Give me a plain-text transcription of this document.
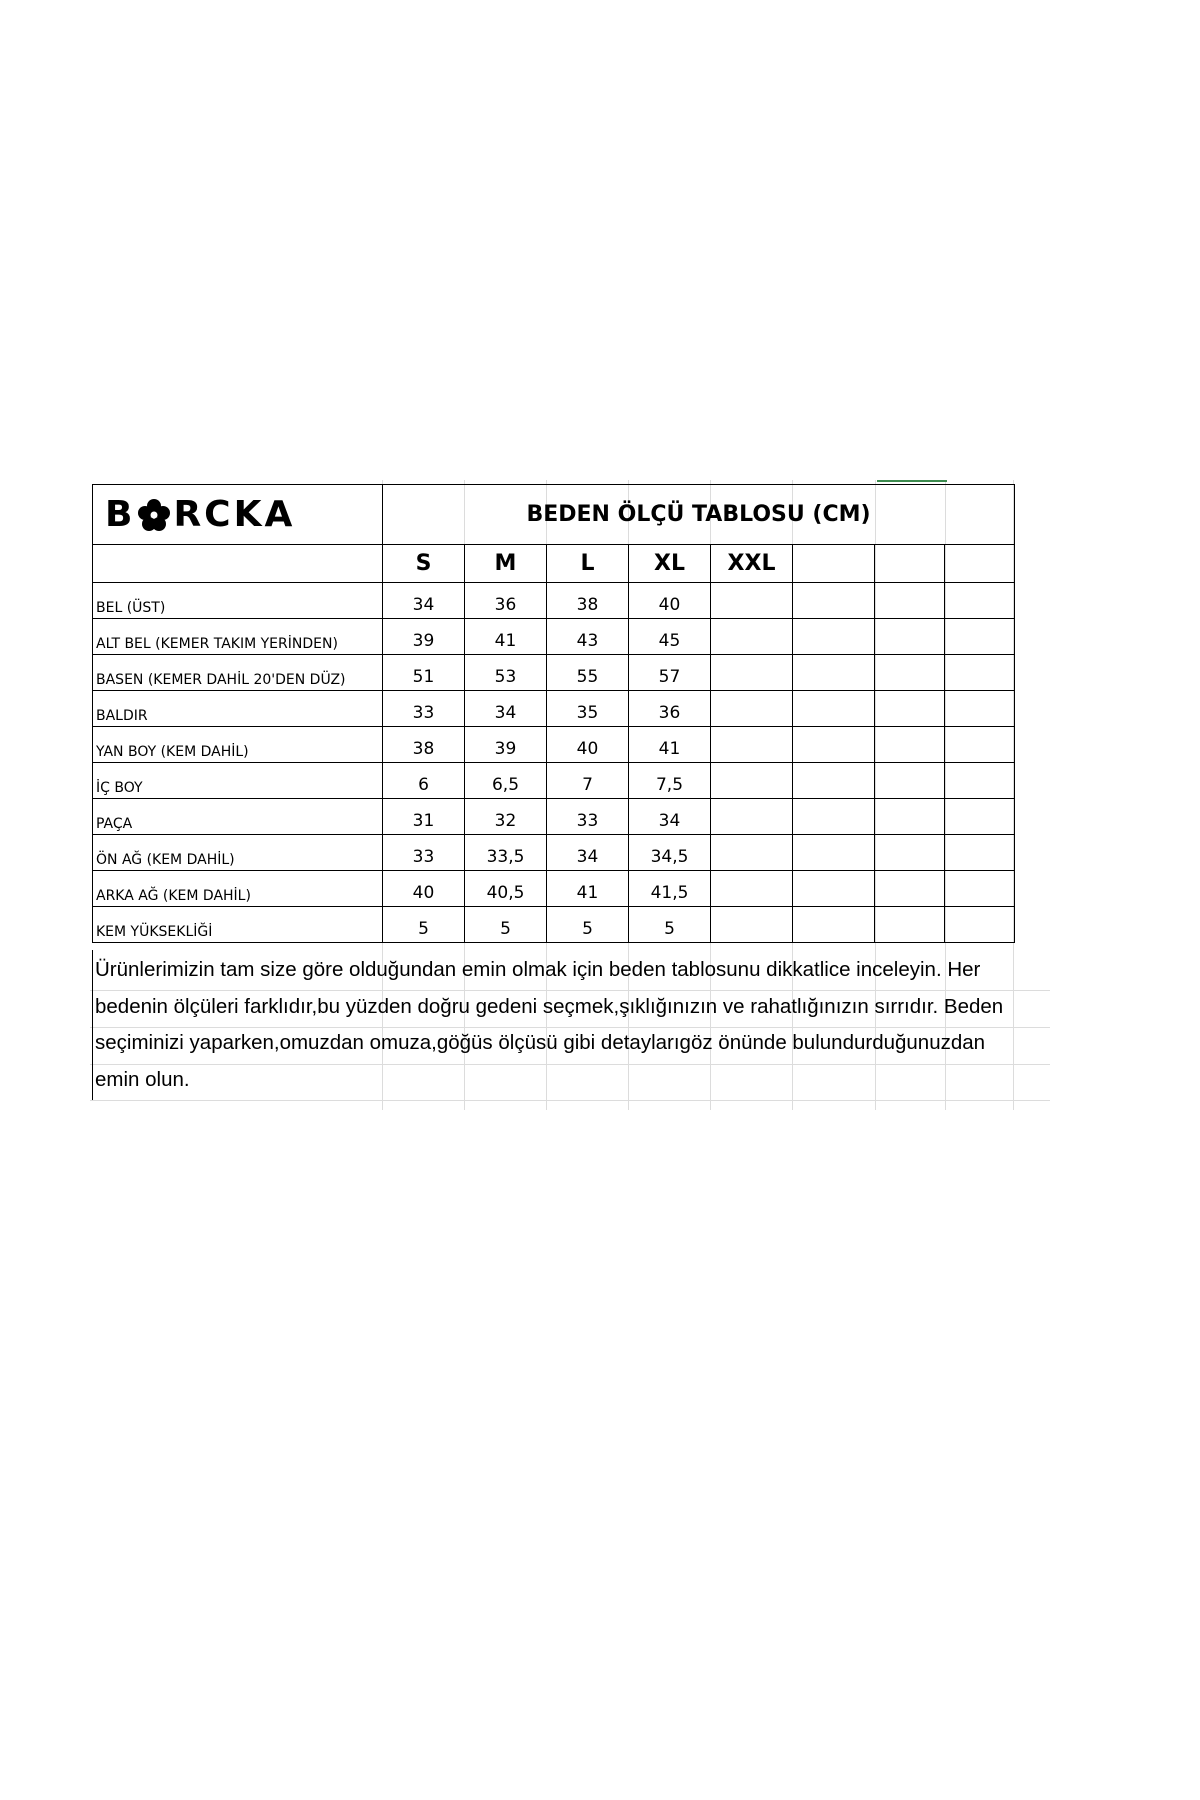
B RCKA	BEDEN ÖLÇÜ TABLOSU (CM)							
	S	M	L	XL	XXL			
BEL (ÜST)	34	36	38	40				
ALT BEL (KEMER TAKIM YERİNDEN)	39	41	43	45				
BASEN (KEMER DAHİL 20'DEN DÜZ)	51	53	55	57				
BALDIR	33	34	35	36				
YAN BOY (KEM DAHİL)	38	39	40	41				
İÇ BOY	6	6,5	7	7,5				
PAÇA	31	32	33	34				
ÖN AĞ (KEM DAHİL)	33	33,5	34	34,5				
ARKA AĞ (KEM DAHİL)	40	40,5	41	41,5				
KEM YÜKSEKLİĞİ	5	5	5	5				
Ürünlerimizin tam size göre olduğundan emin olmak için beden tablosunu dikkatlice inceleyin. Her
bedenin ölçüleri farklıdır,bu yüzden doğru gedeni seçmek,şıklığınızın ve rahatlığınızın sırrıdır. Beden
seçiminizi yaparken,omuzdan omuza,göğüs ölçüsü gibi detaylarıgöz önünde bulundurduğunuzdan
emin olun.
